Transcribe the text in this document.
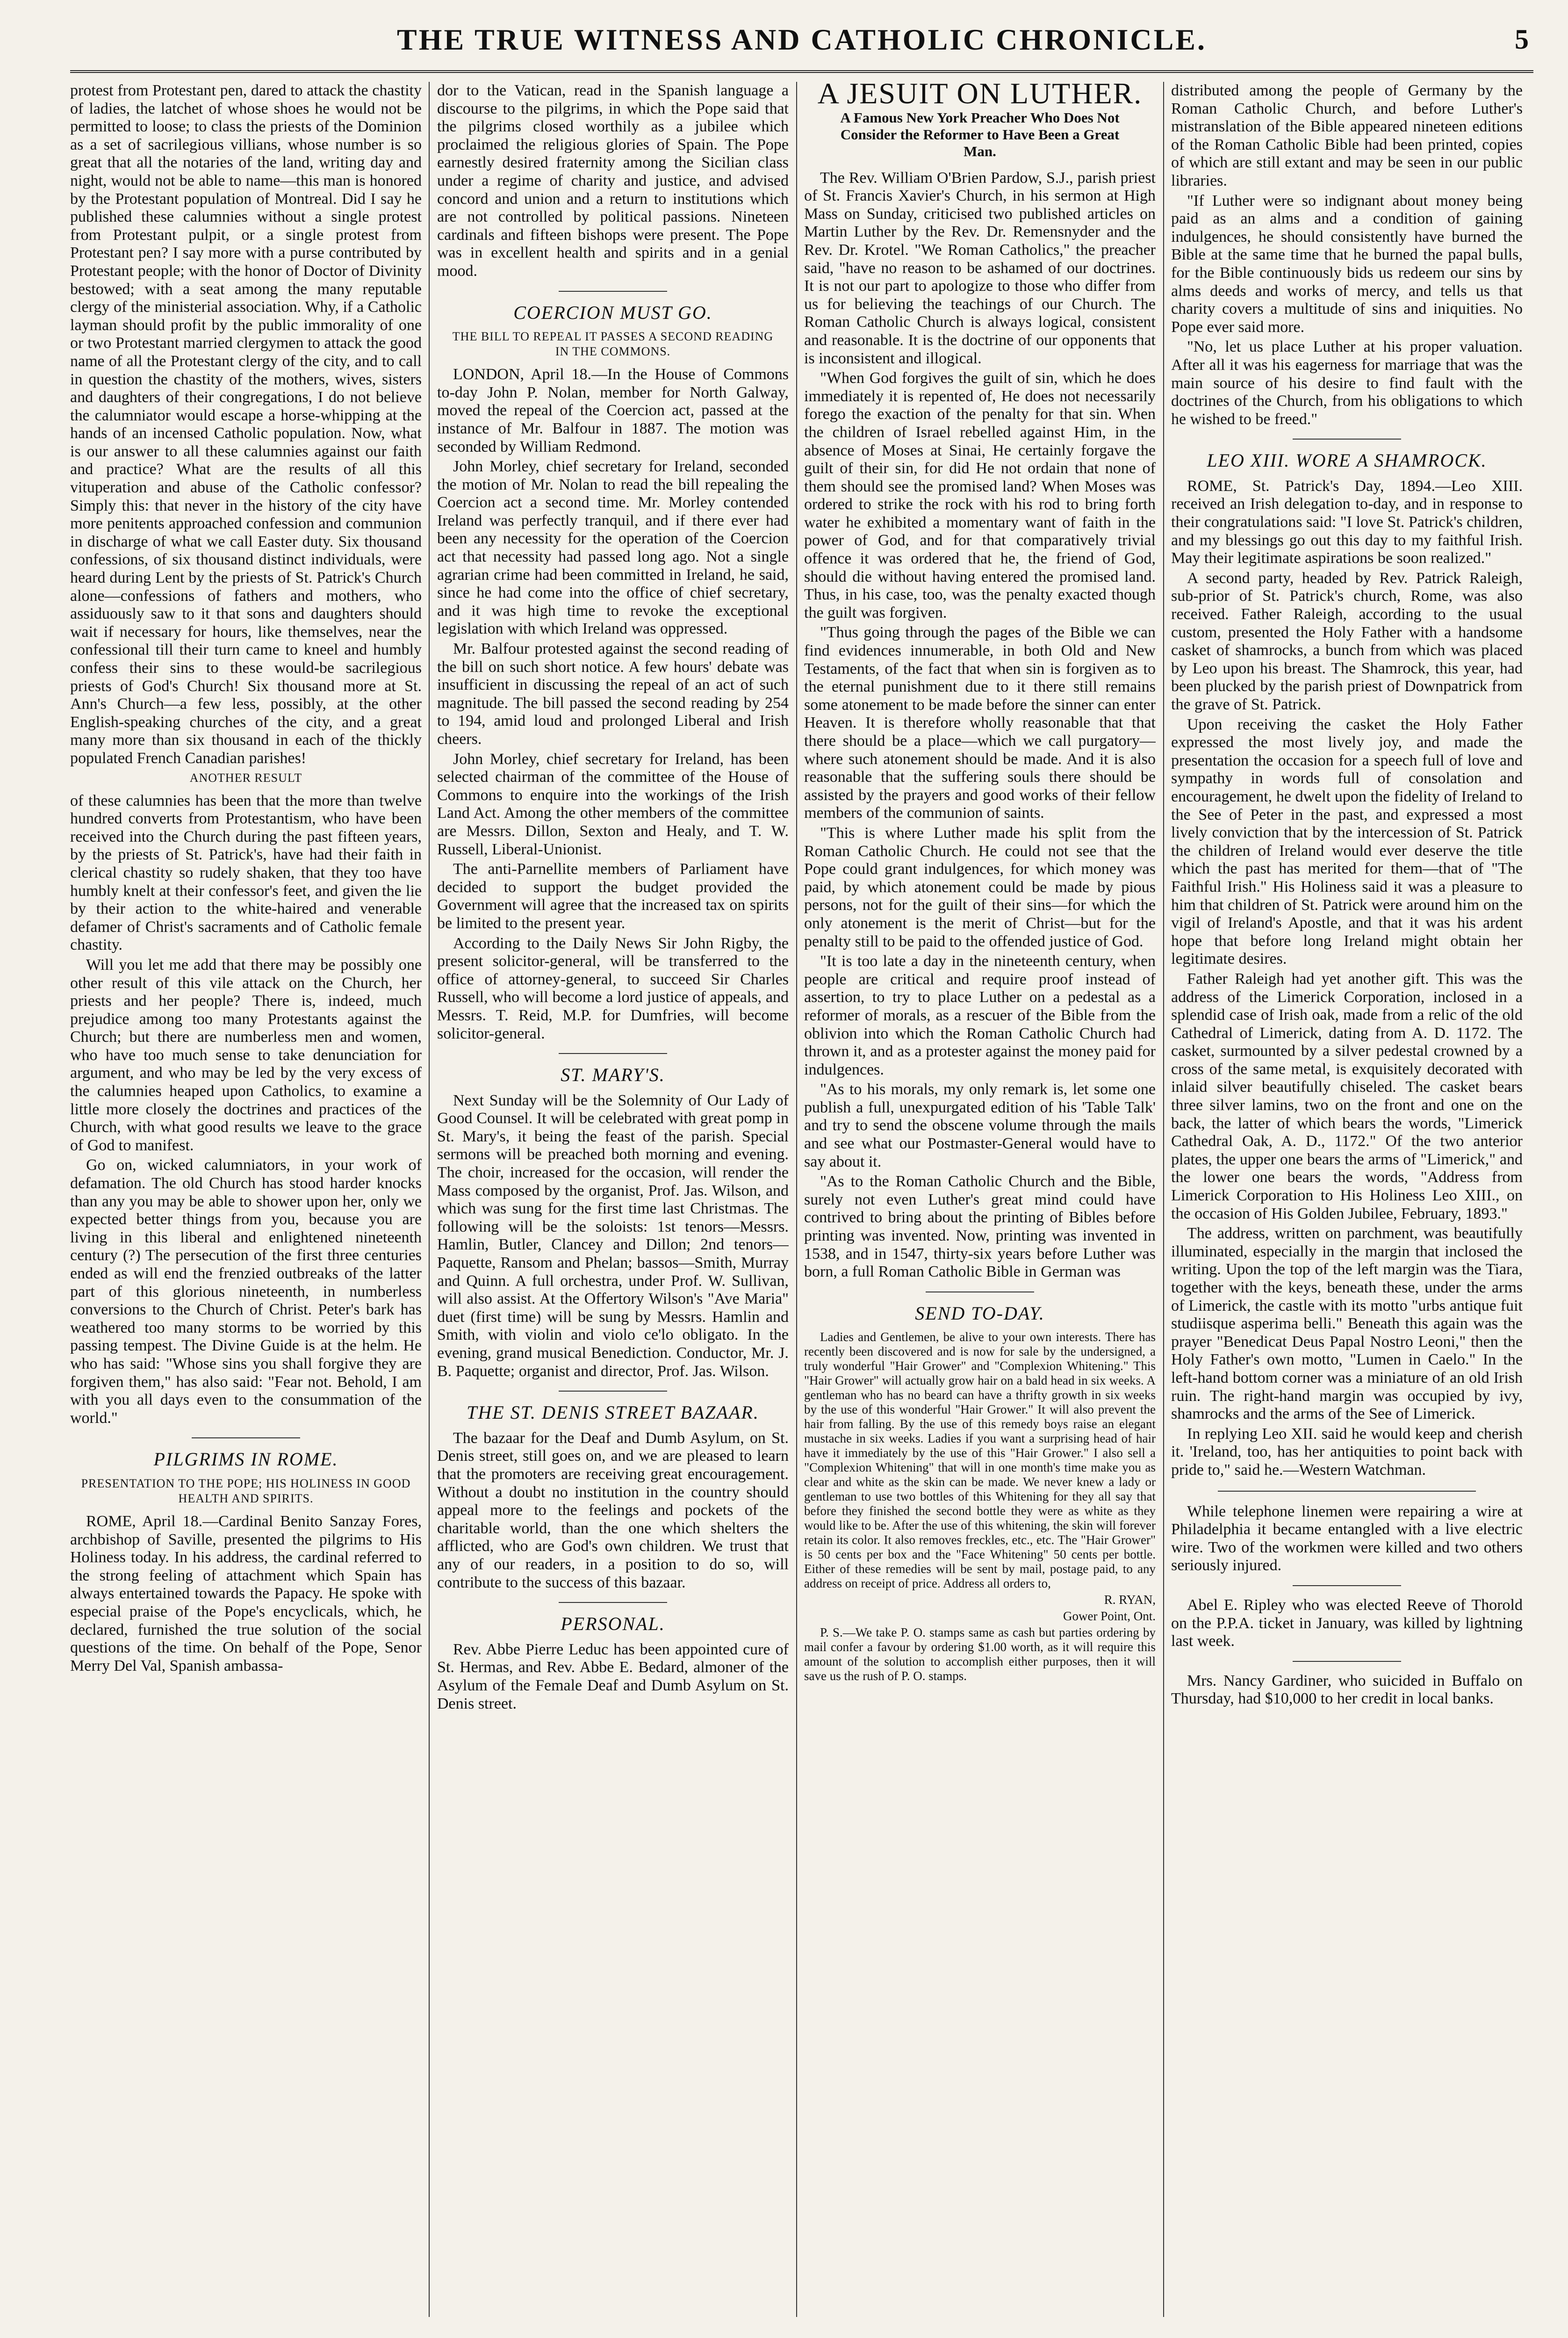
THE TRUE WITNESS AND CATHOLIC CHRONICLE.	5

protest from Protestant pen, dared to attack the chastity of ladies, the latchet of whose shoes he would not be permitted to loose; to class the priests of the Dominion as a set of sacrilegious villians, whose number is so great that all the notaries of the land, writing day and night, would not be able to name—this man is honored by the Protestant population of Montreal. Did I say he published these calumnies without a single protest from Protestant pulpit, or a single protest from Protestant pen? I say more with a purse contributed by Protestant people; with the honor of Doctor of Divinity bestowed; with a seat among the many reputable clergy of the ministerial association. Why, if a Catholic layman should profit by the public immorality of one or two Protestant married clergymen to attack the good name of all the Protestant clergy of the city, and to call in question the chastity of the mothers, wives, sisters and daughters of their congregations, I do not believe the calumniator would escape a horse-whipping at the hands of an incensed Catholic population. Now, what is our answer to all these calumnies against our faith and practice? What are the results of all this vituperation and abuse of the Catholic confessor? Simply this: that never in the history of the city have more penitents approached confession and communion in discharge of what we call Easter duty. Six thousand confessions, of six thousand distinct individuals, were heard during Lent by the priests of St. Patrick's Church alone—confessions of fathers and mothers, who assiduously saw to it that sons and daughters should wait if necessary for hours, like themselves, near the confessional till their turn came to kneel and humbly confess their sins to these would-be sacrilegious priests of God's Church! Six thousand more at St. Ann's Church—a few less, possibly, at the other English-speaking churches of the city, and a great many more than six thousand in each of the thickly populated French Canadian parishes!

ANOTHER RESULT

of these calumnies has been that the more than twelve hundred converts from Protestantism, who have been received into the Church during the past fifteen years, by the priests of St. Patrick's, have had their faith in clerical chastity so rudely shaken, that they too have humbly knelt at their confessor's feet, and given the lie by their action to the white-haired and venerable defamer of Christ's sacraments and of Catholic female chastity.

Will you let me add that there may be possibly one other result of this vile attack on the Church, her priests and her people? There is, indeed, much prejudice among too many Protestants against the Church; but there are numberless men and women, who have too much sense to take denunciation for argument, and who may be led by the very excess of the calumnies heaped upon Catholics, to examine a little more closely the doctrines and practices of the Church, with what good results we leave to the grace of God to manifest.

Go on, wicked calumniators, in your work of defamation. The old Church has stood harder knocks than any you may be able to shower upon her, only we expected better things from you, because you are living in this liberal and enlightened nineteenth century (?) The persecution of the first three centuries ended as will end the frenzied outbreaks of the latter part of this glorious nineteenth, in numberless conversions to the Church of Christ. Peter's bark has weathered too many storms to be worried by this passing tempest. The Divine Guide is at the helm. He who has said: "Whose sins you shall forgive they are forgiven them," has also said: "Fear not. Behold, I am with you all days even to the consummation of the world."

PILGRIMS IN ROME.
PRESENTATION TO THE POPE; HIS HOLINESS IN GOOD HEALTH AND SPIRITS.

ROME, April 18.—Cardinal Benito Sanzay Fores, archbishop of Saville, presented the pilgrims to His Holiness today. In his address, the cardinal referred to the strong feeling of attachment which Spain has always entertained towards the Papacy. He spoke with especial praise of the Pope's encyclicals, which, he declared, furnished the true solution of the social questions of the time. On behalf of the Pope, Senor Merry Del Val, Spanish ambassa-

dor to the Vatican, read in the Spanish language a discourse to the pilgrims, in which the Pope said that the pilgrims closed worthily as a jubilee which proclaimed the religious glories of Spain. The Pope earnestly desired fraternity among the Sicilian class under a regime of charity and justice, and advised concord and union and a return to institutions which are not controlled by political passions. Nineteen cardinals and fifteen bishops were present. The Pope was in excellent health and spirits and in a genial mood.

COERCION MUST GO.
THE BILL TO REPEAL IT PASSES A SECOND READING IN THE COMMONS.

LONDON, April 18.—In the House of Commons to-day John P. Nolan, member for North Galway, moved the repeal of the Coercion act, passed at the instance of Mr. Balfour in 1887. The motion was seconded by William Redmond.

John Morley, chief secretary for Ireland, seconded the motion of Mr. Nolan to read the bill repealing the Coercion act a second time. Mr. Morley contended Ireland was perfectly tranquil, and if there ever had been any necessity for the operation of the Coercion act that necessity had passed long ago. Not a single agrarian crime had been committed in Ireland, he said, since he had come into the office of chief secretary, and it was high time to revoke the exceptional legislation with which Ireland was oppressed.

Mr. Balfour protested against the second reading of the bill on such short notice. A few hours' debate was insufficient in discussing the repeal of an act of such magnitude. The bill passed the second reading by 254 to 194, amid loud and prolonged Liberal and Irish cheers.

John Morley, chief secretary for Ireland, has been selected chairman of the committee of the House of Commons to enquire into the workings of the Irish Land Act. Among the other members of the committee are Messrs. Dillon, Sexton and Healy, and T. W. Russell, Liberal-Unionist.

The anti-Parnellite members of Parliament have decided to support the budget provided the Government will agree that the increased tax on spirits be limited to the present year.

According to the Daily News Sir John Rigby, the present solicitor-general, will be transferred to the office of attorney-general, to succeed Sir Charles Russell, who will become a lord justice of appeals, and Messrs. T. Reid, M.P. for Dumfries, will become solicitor-general.

ST. MARY'S.

Next Sunday will be the Solemnity of Our Lady of Good Counsel. It will be celebrated with great pomp in St. Mary's, it being the feast of the parish. Special sermons will be preached both morning and evening. The choir, increased for the occasion, will render the Mass composed by the organist, Prof. Jas. Wilson, and which was sung for the first time last Christmas. The following will be the soloists: 1st tenors—Messrs. Hamlin, Butler, Clancey and Dillon; 2nd tenors—Paquette, Ransom and Phelan; bassos—Smith, Murray and Quinn. A full orchestra, under Prof. W. Sullivan, will also assist. At the Offertory Wilson's "Ave Maria" duet (first time) will be sung by Messrs. Hamlin and Smith, with violin and violo ce'lo obligato. In the evening, grand musical Benediction. Conductor, Mr. J. B. Paquette; organist and director, Prof. Jas. Wilson.

THE ST. DENIS STREET BAZAAR.

The bazaar for the Deaf and Dumb Asylum, on St. Denis street, still goes on, and we are pleased to learn that the promoters are receiving great encouragement. Without a doubt no institution in the country should appeal more to the feelings and pockets of the charitable world, than the one which shelters the afflicted, who are God's own children. We trust that any of our readers, in a position to do so, will contribute to the success of this bazaar.

PERSONAL.

Rev. Abbe Pierre Leduc has been appointed cure of St. Hermas, and Rev. Abbe E. Bedard, almoner of the Asylum of the Female Deaf and Dumb Asylum on St. Denis street.

A JESUIT ON LUTHER.
A Famous New York Preacher Who Does Not Consider the Reformer to Have Been a Great Man.

The Rev. William O'Brien Pardow, S.J., parish priest of St. Francis Xavier's Church, in his sermon at High Mass on Sunday, criticised two published articles on Martin Luther by the Rev. Dr. Remensnyder and the Rev. Dr. Krotel. "We Roman Catholics," the preacher said, "have no reason to be ashamed of our doctrines. It is not our part to apologize to those who differ from us for believing the teachings of our Church. The Roman Catholic Church is always logical, consistent and reasonable. It is the doctrine of our opponents that is inconsistent and illogical.

"When God forgives the guilt of sin, which he does immediately it is repented of, He does not necessarily forego the exaction of the penalty for that sin. When the children of Israel rebelled against Him, in the absence of Moses at Sinai, He certainly forgave the guilt of their sin, for did He not ordain that none of them should see the promised land? When Moses was ordered to strike the rock with his rod to bring forth water he exhibited a momentary want of faith in the power of God, and for that comparatively trivial offence it was ordered that he, the friend of God, should die without having entered the promised land. Thus, in his case, too, was the penalty exacted though the guilt was forgiven.

"Thus going through the pages of the Bible we can find evidences innumerable, in both Old and New Testaments, of the fact that when sin is forgiven as to the eternal punishment due to it there still remains some atonement to be made before the sinner can enter Heaven. It is therefore wholly reasonable that that there should be a place—which we call purgatory—where such atonement should be made. And it is also reasonable that the suffering souls there should be assisted by the prayers and good works of their fellow members of the communion of saints.

"This is where Luther made his split from the Roman Catholic Church. He could not see that the Pope could grant indulgences, for which money was paid, by which atonement could be made by pious persons, not for the guilt of their sins—for which the only atonement is the merit of Christ—but for the penalty still to be paid to the offended justice of God.

"It is too late a day in the nineteenth century, when people are critical and require proof instead of assertion, to try to place Luther on a pedestal as a reformer of morals, as a rescuer of the Bible from the oblivion into which the Roman Catholic Church had thrown it, and as a protester against the money paid for indulgences.

"As to his morals, my only remark is, let some one publish a full, unexpurgated edition of his 'Table Talk' and try to send the obscene volume through the mails and see what our Postmaster-General would have to say about it.

"As to the Roman Catholic Church and the Bible, surely not even Luther's great mind could have contrived to bring about the printing of Bibles before printing was invented. Now, printing was invented in 1538, and in 1547, thirty-six years before Luther was born, a full Roman Catholic Bible in German was

SEND TO-DAY.

Ladies and Gentlemen, be alive to your own interests. There has recently been discovered and is now for sale by the undersigned, a truly wonderful "Hair Grower" and "Complexion Whitening." This "Hair Grower" will actually grow hair on a bald head in six weeks. A gentleman who has no beard can have a thrifty growth in six weeks by the use of this wonderful "Hair Grower." It will also prevent the hair from falling. By the use of this remedy boys raise an elegant mustache in six weeks. Ladies if you want a surprising head of hair have it immediately by the use of this "Hair Grower." I also sell a "Complexion Whitening" that will in one month's time make you as clear and white as the skin can be made. We never knew a lady or gentleman to use two bottles of this Whitening for they all say that before they finished the second bottle they were as white as they would like to be. After the use of this whitening, the skin will forever retain its color. It also removes freckles, etc., etc. The "Hair Grower" is 50 cents per box and the "Face Whitening" 50 cents per bottle. Either of these remedies will be sent by mail, postage paid, to any address on receipt of price. Address all orders to,

R. RYAN,

Gower Point, Ont.

P. S.—We take P. O. stamps same as cash but parties ordering by mail confer a favour by ordering $1.00 worth, as it will require this amount of the solution to accomplish either purposes, then it will save us the rush of P. O. stamps.

distributed among the people of Germany by the Roman Catholic Church, and before Luther's mistranslation of the Bible appeared nineteen editions of the Roman Catholic Bible had been printed, copies of which are still extant and may be seen in our public libraries.

"If Luther were so indignant about money being paid as an alms and a condition of gaining indulgences, he should consistently have burned the Bible at the same time that he burned the papal bulls, for the Bible continuously bids us redeem our sins by alms deeds and works of mercy, and tells us that charity covers a multitude of sins and iniquities. No Pope ever said more.

"No, let us place Luther at his proper valuation. After all it was his eagerness for marriage that was the main source of his desire to find fault with the doctrines of the Church, from his obligations to which he wished to be freed."

LEO XIII. WORE A SHAMROCK.

ROME, St. Patrick's Day, 1894.—Leo XIII. received an Irish delegation to-day, and in response to their congratulations said: "I love St. Patrick's children, and my blessings go out this day to my faithful Irish. May their legitimate aspirations be soon realized."

A second party, headed by Rev. Patrick Raleigh, sub-prior of St. Patrick's church, Rome, was also received. Father Raleigh, according to the usual custom, presented the Holy Father with a handsome casket of shamrocks, a bunch from which was placed by Leo upon his breast. The Shamrock, this year, had been plucked by the parish priest of Downpatrick from the grave of St. Patrick.

Upon receiving the casket the Holy Father expressed the most lively joy, and made the presentation the occasion for a speech full of love and sympathy in words full of consolation and encouragement, he dwelt upon the fidelity of Ireland to the See of Peter in the past, and expressed a most lively conviction that by the intercession of St. Patrick the children of Ireland would ever deserve the title which the past has merited for them—that of "The Faithful Irish." His Holiness said it was a pleasure to him that children of St. Patrick were around him on the vigil of Ireland's Apostle, and that it was his ardent hope that before long Ireland might obtain her legitimate desires.

Father Raleigh had yet another gift. This was the address of the Limerick Corporation, inclosed in a splendid case of Irish oak, made from a relic of the old Cathedral of Limerick, dating from A. D. 1172. The casket, surmounted by a silver pedestal crowned by a cross of the same metal, is exquisitely decorated with inlaid silver beautifully chiseled. The casket bears three silver lamins, two on the front and one on the back, the latter of which bears the words, "Limerick Cathedral Oak, A. D., 1172." Of the two anterior plates, the upper one bears the arms of "Limerick," and the lower one bears the words, "Address from Limerick Corporation to His Holiness Leo XIII., on the occasion of His Golden Jubilee, February, 1893."

The address, written on parchment, was beautifully illuminated, especially in the margin that inclosed the writing. Upon the top of the left margin was the Tiara, together with the keys, beneath these, under the arms of Limerick, the castle with its motto "urbs antique fuit studiisque asperima belli." Beneath this again was the prayer "Benedicat Deus Papal Nostro Leoni," then the Holy Father's own motto, "Lumen in Caelo." In the left-hand bottom corner was a miniature of an old Irish ruin. The right-hand margin was occupied by ivy, shamrocks and the arms of the See of Limerick.

In replying Leo XII. said he would keep and cherish it. 'Ireland, too, has her antiquities to point back with pride to," said he.—Western Watchman.

While telephone linemen were repairing a wire at Philadelphia it became entangled with a live electric wire. Two of the workmen were killed and two others seriously injured.

Abel E. Ripley who was elected Reeve of Thorold on the P.P.A. ticket in January, was killed by lightning last week.

Mrs. Nancy Gardiner, who suicided in Buffalo on Thursday, had $10,000 to her credit in local banks.
